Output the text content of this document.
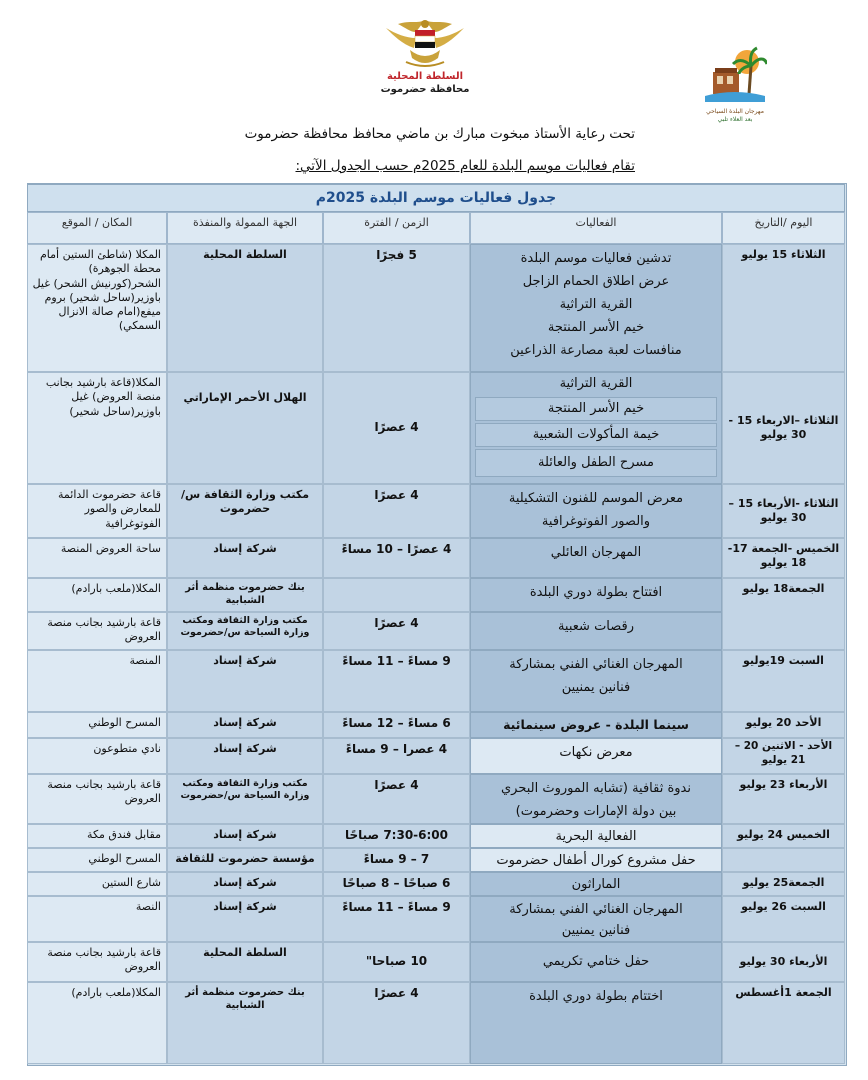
السلطة المحلية
محافظة حضرموت
مهرجان البلدة السياحي
بعد العلاء تلبي
تحت رعاية الأستاذ مبخوت مبارك بن ماضي محافظ محافظة حضرموت
تقام فعاليات موسم البلدة للعام 2025م حسب الجدول الآتي:
جدول فعاليات موسم البلدة 2025م
اليوم /التاريخ
الفعاليات
الزمن / الفترة
الجهة الممولة والمنفذة
المكان / الموقع
الثلاثاء 15 يوليو
تدشين فعاليات موسم البلدة
عرض اطلاق الحمام الزاجل
القرية التراثية
خيم الأسر المنتجة
منافسات لعبة مصارعة الذراعين
5 فجرًا
السلطة المحلية
المكلا (شاطئ الستين أمام محطة الجوهرة) الشحر(كورنيش الشحر) غيل باوزير(ساحل شحير) بروم ميفع(امام صالة الانزال السمكي)
الثلاثاء –الاربعاء 15 - 30 يوليو
القرية التراثية
خيم الأسر المنتجة
خيمة المأكولات الشعبية
مسرح الطفل والعائلة
4 عصرًا
الهلال الأحمر الإماراتي
المكلا(قاعة بارشيد بجانب منصة العروض) غيل باوزير(ساحل شحير)
الثلاثاء -الأربعاء 15 – 30 يوليو
معرض الموسم للفنون التشكيلية
والصور الفوتوغرافية
4 عصرًا
مكتب وزارة الثقافة س/ حضرموت
قاعة حضرموت الدائمة للمعارض والصور الفوتوغرافية
الخميس -الجمعة 17-18 يوليو
المهرجان العائلي
4 عصرًا – 10 مساءً
شركة إسناد
ساحة العروض المنصة
الجمعة18 يوليو
افتتاح بطولة دوري البلدة
بنك حضرموت منظمة أثر الشبابية
المكلا(ملعب بارادم)
رقصات شعبية
4 عصرًا
مكتب وزارة الثقافة ومكتب وزارة السياحة س/حضرموت
قاعة بارشيد بجانب منصة العروض
السبت 19يوليو
المهرجان الغنائي الفني بمشاركة
فنانين يمنيين
9 مساءً – 11 مساءً
شركة إسناد
المنصة
الأحد 20 يوليو
سينما البلدة - عروض سينمائية
6 مساءً – 12 مساءً
شركة إسناد
المسرح الوطني
الأحد - الاثنين 20 – 21 يوليو
معرض نكهات
4 عصرا – 9 مساءً
شركة إسناد
نادي متطوعون
الأربعاء 23 يوليو
ندوة ثقافية (تشابه الموروث البحري
بين دولة الإمارات وحضرموت)
4 عصرًا
مكتب وزارة الثقافة ومكتب وزارة السياحة س/حضرموت
قاعة بارشيد بجانب منصة العروض
الخميس 24 يوليو
الفعالية البحرية
7:30-6:00 صباحًا
شركة إسناد
مقابل فندق مكة
حفل مشروع كورال أطفال حضرموت
7 – 9 مساءً
مؤسسة حضرموت للثقافة
المسرح الوطني
الجمعة25 يوليو
الماراثون
6 صباحًا – 8 صباحًا
شركة إسناد
شارع الستين
السبت 26 يوليو
المهرجان الغنائي الفني بمشاركة
فنانين يمنيين
9 مساءً – 11 مساءً
شركة إسناد
النصة
الأربعاء 30 يوليو
حفل ختامي تكريمي
10 صباحا"
السلطة المحلية
قاعة بارشيد بجانب منصة العروض
الجمعة 1أغسطس
اختتام بطولة دوري البلدة
4 عصرًا
بنك حضرموت منظمة أثر الشبابية
المكلا(ملعب بارادم)
